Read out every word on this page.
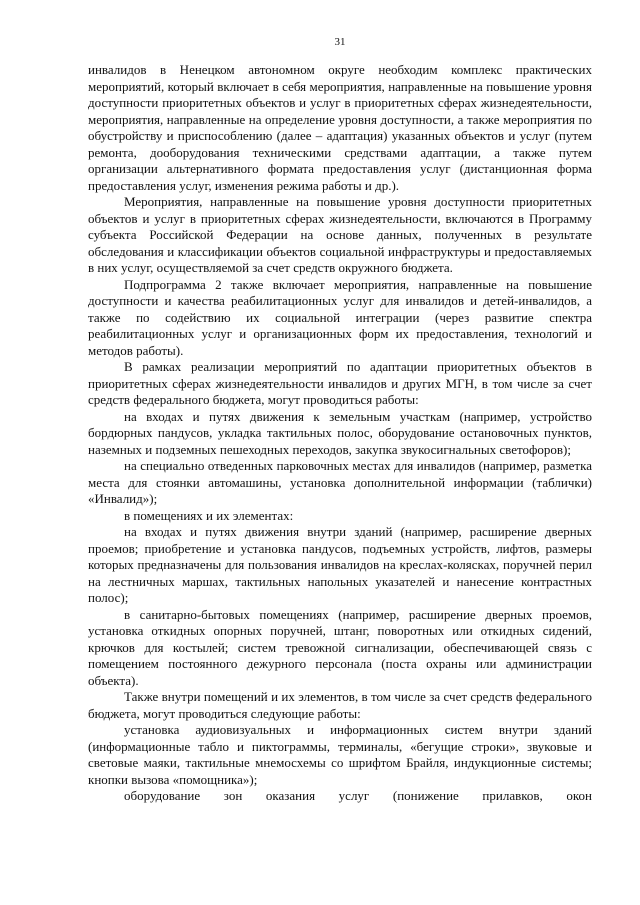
31

инвалидов в Ненецком автономном округе необходим комплекс практических мероприятий, который включает в себя мероприятия, направленные на повышение уровня доступности приоритетных объектов и услуг в приоритетных сферах жизнедеятельности, мероприятия, направленные на определение уровня доступности, а также мероприятия по обустройству и приспособлению (далее – адаптация) указанных объектов и услуг (путем ремонта, дооборудования техническими средствами адаптации, а также путем организации альтернативного формата предоставления услуг (дистанционная форма предоставления услуг, изменения режима работы и др.).

Мероприятия, направленные на повышение уровня доступности приоритетных объектов и услуг в приоритетных сферах жизнедеятельности, включаются в Программу субъекта Российской Федерации на основе данных, полученных в результате обследования и классификации объектов социальной инфраструктуры и предоставляемых в них услуг, осуществляемой за счет средств окружного бюджета.

Подпрограмма 2 также включает мероприятия, направленные на повышение доступности и качества реабилитационных услуг для инвалидов и детей-инвалидов, а также по содействию их социальной интеграции (через развитие спектра реабилитационных услуг и организационных форм их предоставления, технологий и методов работы).

В рамках реализации мероприятий по адаптации приоритетных объектов в приоритетных сферах жизнедеятельности инвалидов и других МГН, в том числе за счет средств федерального бюджета, могут проводиться работы:

на входах и путях движения к земельным участкам (например, устройство бордюрных пандусов, укладка тактильных полос, оборудование остановочных пунктов, наземных и подземных пешеходных переходов, закупка звукосигнальных светофоров);

на специально отведенных парковочных местах для инвалидов (например, разметка места для стоянки автомашины, установка дополнительной информации (таблички) «Инвалид»);

в помещениях и их элементах:

на входах и путях движения внутри зданий (например, расширение дверных проемов; приобретение и установка пандусов, подъемных устройств, лифтов, размеры которых предназначены для пользования инвалидов на креслах-колясках, поручней перил на лестничных маршах, тактильных напольных указателей и нанесение контрастных полос);

в санитарно-бытовых помещениях (например, расширение дверных проемов, установка откидных опорных поручней, штанг, поворотных или откидных сидений, крючков для костылей; систем тревожной сигнализации, обеспечивающей связь с помещением постоянного дежурного персонала (поста охраны или администрации объекта).

Также внутри помещений и их элементов, в том числе за счет средств федерального бюджета, могут проводиться следующие работы:

установка аудиовизуальных и информационных систем внутри зданий (информационные табло и пиктограммы, терминалы, «бегущие строки», звуковые и световые маяки, тактильные мнемосхемы со шрифтом Брайля, индукционные системы; кнопки вызова «помощника»);

оборудование зон оказания услуг (понижение прилавков, окон
